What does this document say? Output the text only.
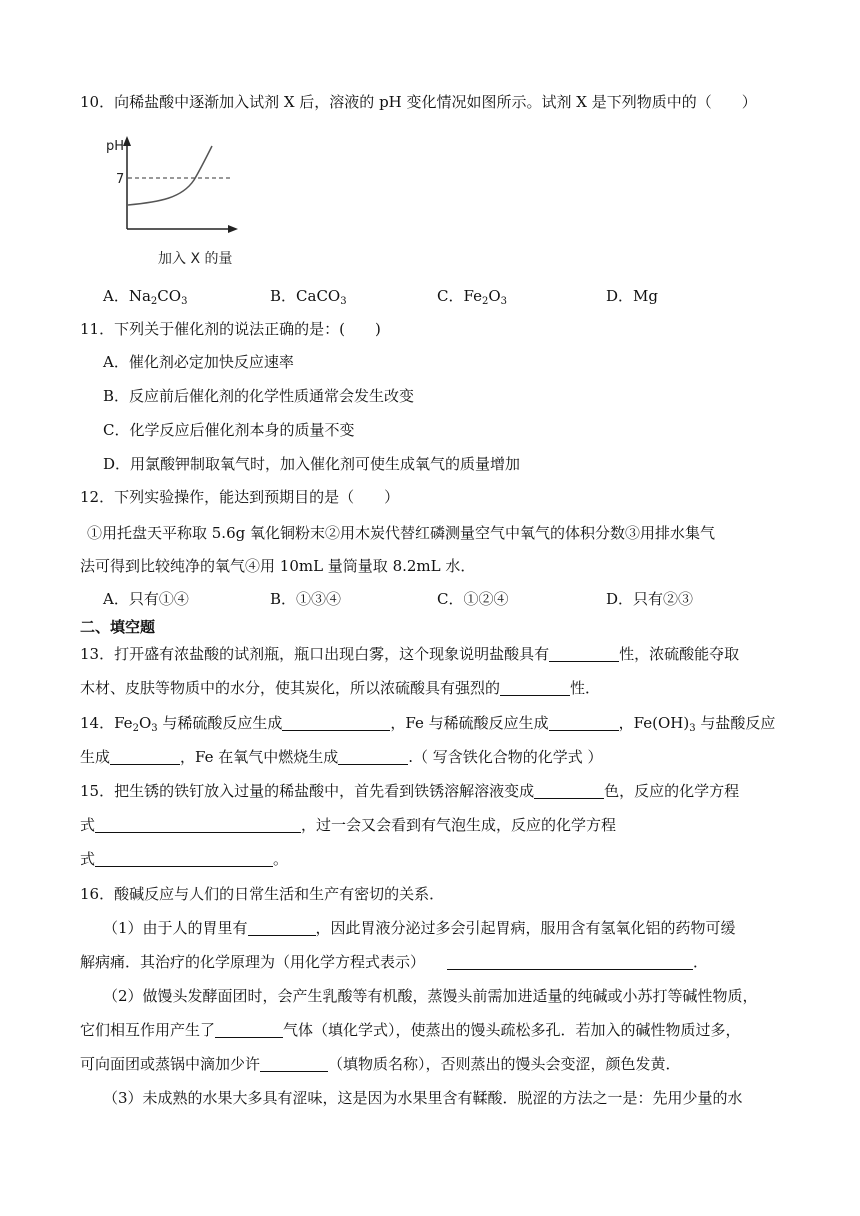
10．向稀盐酸中逐渐加入试剂 X 后，溶液的 pH 变化情况如图所示。试剂 X 是下列物质中的（　　）
pH
7
加入 X 的量
A．$Na_2CO_3$	B．CaCO$_3$	C．$Fe_2O_3$	D．Mg
11．下列关于催化剂的说法正确的是：(　　)
A．催化剂必定加快反应速率
B．反应前后催化剂的化学性质通常会发生改变
C．化学反应后催化剂本身的质量不变
D．用氯酸钾制取氧气时，加入催化剂可使生成氧气的质量增加
12．下列实验操作，能达到预期目的是（　　）
①用托盘天平称取 5.6g 氧化铜粉末②用木炭代替红磷测量空气中氧气的体积分数③用排水集气
法可得到比较纯净的氧气④用 10mL 量筒量取 8.2mL 水．
A．只有①④	B．①③④	C．①②④	D．只有②③
二、填空题
13．打开盛有浓盐酸的试剂瓶，瓶口出现白雾，这个现象说明盐酸具有	性，浓硫酸能夺取
木材、皮肤等物质中的水分，使其炭化，所以浓硫酸具有强烈的	性．
14．$Fe_2O_3$ 与稀硫酸反应生成	，Fe 与稀硫酸反应生成	，$Fe(OH)_3$ 与盐酸反应
生成	，Fe 在氧气中燃烧生成	.（ 写含铁化合物的化学式 ）
15．把生锈的铁钉放入过量的稀盐酸中，首先看到铁锈溶解溶液变成	色，反应的化学方程
式	，过一会又会看到有气泡生成，反应的化学方程
式	。
16．酸碱反应与人们的日常生活和生产有密切的关系．
（1）由于人的胃里有	，因此胃液分泌过多会引起胃病，服用含有氢氧化铝的药物可缓
解病痛．其治疗的化学原理为（用化学方程式表示）	．
（2）做馒头发酵面团时，会产生乳酸等有机酸，蒸馒头前需加进适量的纯碱或小苏打等碱性物质，
它们相互作用产生了	气体（填化学式），使蒸出的馒头疏松多孔．若加入的碱性物质过多，
可向面团或蒸锅中滴加少许	（填物质名称），否则蒸出的馒头会变涩，颜色发黄．
（3）未成熟的水果大多具有涩味，这是因为水果里含有鞣酸．脱涩的方法之一是：先用少量的水
